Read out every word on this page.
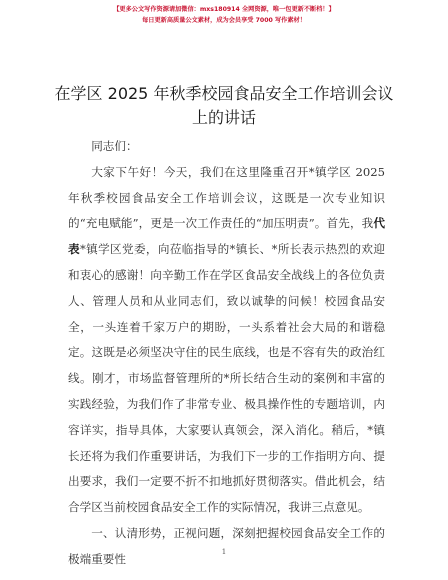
【更多公文写作资源请加微信：mxs180914 全网资源，唯一包更新不断档！】
每日更新高质量公文素材，成为会员享受 7000 写作素材！
在学区 2025 年秋季校园食品安全工作培训会议
上的讲话

同志们：

大家下午好！今天，我们在这里隆重召开*镇学区 2025 年秋季校园食品安全工作培训会议，这既是一次专业知识的“充电赋能”，更是一次工作责任的“加压明责”。首先，我代表*镇学区党委，向莅临指导的*镇长、*所长表示热烈的欢迎和衷心的感谢！向辛勤工作在学区食品安全战线上的各位负责人、管理人员和从业同志们，致以诚挚的问候！校园食品安全，一头连着千家万户的期盼，一头系着社会大局的和谐稳定。这既是必须坚决守住的民生底线，也是不容有失的政治红线。刚才，市场监督管理所的*所长结合生动的案例和丰富的实践经验，为我们作了非常专业、极具操作性的专题培训，内容详实，指导具体，大家要认真领会，深入消化。稍后，*镇长还将为我们作重要讲话，为我们下一步的工作指明方向、提出要求，我们一定要不折不扣地抓好贯彻落实。借此机会，结合学区当前校园食品安全工作的实际情况，我讲三点意见。

一、认清形势，正视问题，深刻把握校园食品安全工作的极端重要性	1
